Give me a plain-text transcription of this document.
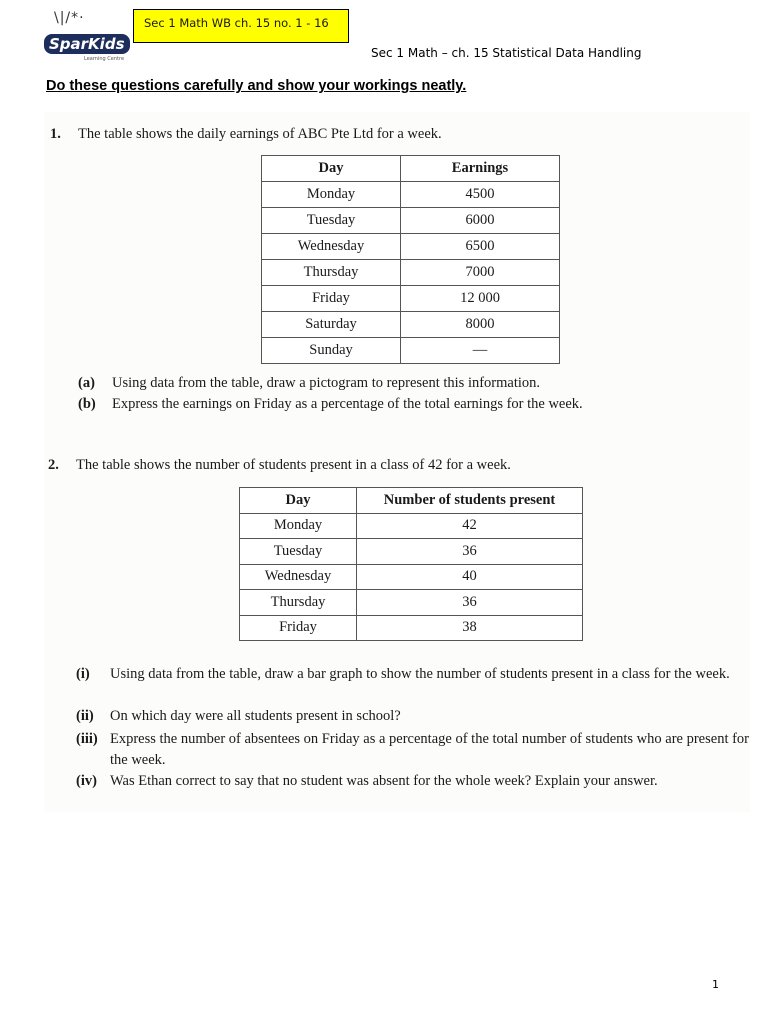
\|/*·
SparKids
Learning Centre
Sec 1 Math WB ch. 15 no. 1 - 16
Sec 1 Math – ch. 15 Statistical Data Handling
Do these questions carefully and show your workings neatly.
1. The table shows the daily earnings of ABC Pte Ltd for a week.
Day	Earnings
Monday	4500
Tuesday	6000
Wednesday	6500
Thursday	7000
Friday	12 000
Saturday	8000
Sunday	—
(a) Using data from the table, draw a pictogram to represent this information.
(b) Express the earnings on Friday as a percentage of the total earnings for the week.
2. The table shows the number of students present in a class of 42 for a week.
Day	Number of students present
Monday	42
Tuesday	36
Wednesday	40
Thursday	36
Friday	38
(i) Using data from the table, draw a bar graph to show the number of students present in a class for the week.
(ii) On which day were all students present in school?
(iii) Express the number of absentees on Friday as a percentage of the total number of students who are present for the week.
(iv) Was Ethan correct to say that no student was absent for the whole week? Explain your answer.
1
